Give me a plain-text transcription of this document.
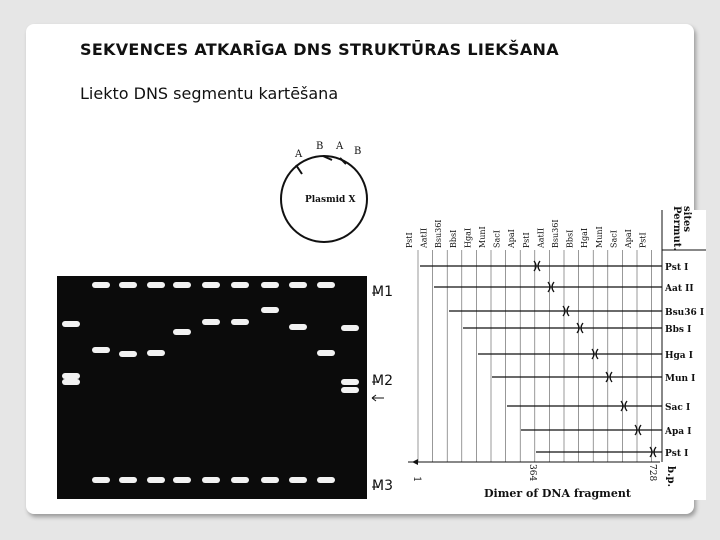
SEKVENCES ATKARĪGA DNS STRUKTŪRAS LIEKŠANA
Liekto DNS segmentu kartēšana
A
B A B
Plasmid X
M1
M2
M3
PstI AatII Bsu36I BbsI HgaI MunI SacI ApaI PstI AatII Bsu36I BbsI HgaI MunI SacI ApaI PstI Permut. sites
Pst I
Aat II
Bsu36 I
Bbs I
Hga I
Mun I
Sac I
Apa I
Pst I
1	364	728 b.p.
Dimer of DNA fragment
